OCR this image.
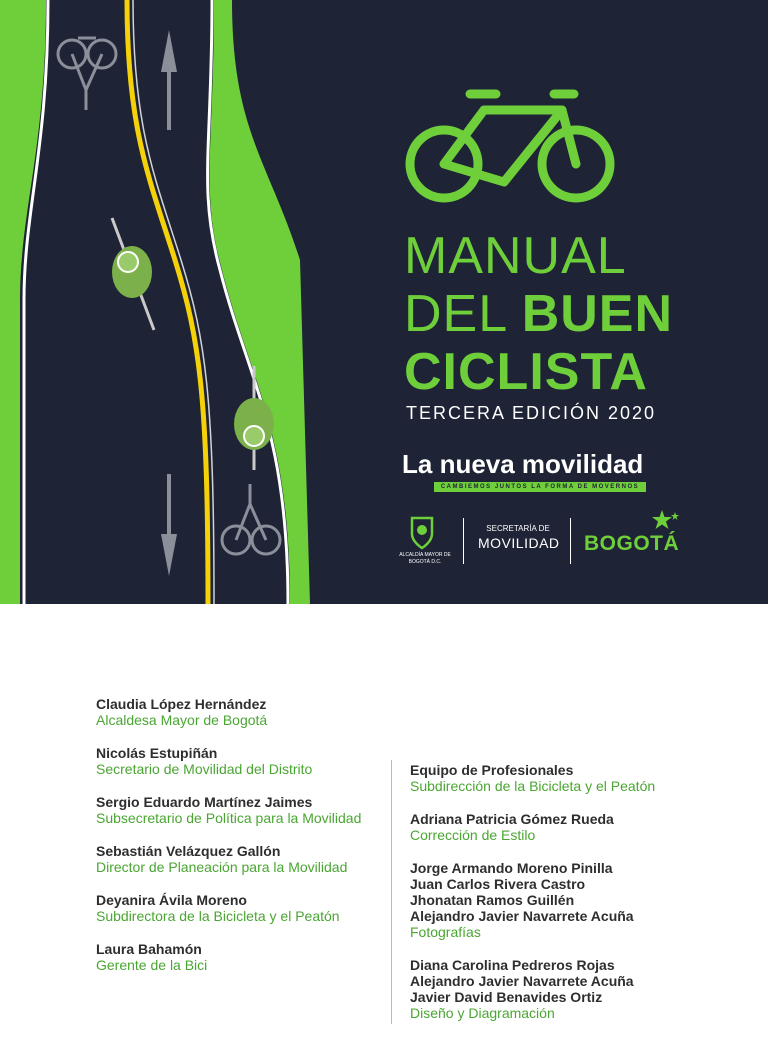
MANUAL
DEL BUEN
CICLISTA
TERCERA EDICIÓN 2020
La nueva movilidad
CAMBIEMOS JUNTOS LA FORMA DE MOVERNOS
ALCALDÍA MAYOR DE BOGOTÁ D.C.
SECRETARÍA DE
MOVILIDAD BOGOTÁ
Claudia López Hernández
Alcaldesa Mayor de Bogotá
Nicolás Estupiñán
Secretario de Movilidad del Distrito
Sergio Eduardo Martínez Jaimes
Subsecretario de Política para la Movilidad
Sebastián Velázquez Gallón
Director de Planeación para la Movilidad
Deyanira Ávila Moreno
Subdirectora de la Bicicleta y el Peatón
Laura Bahamón
Gerente de la Bici
Equipo de Profesionales
Subdirección de la Bicicleta y el Peatón
Adriana Patricia Gómez Rueda
Corrección de Estilo
Jorge Armando Moreno Pinilla
Juan Carlos Rivera Castro
Jhonatan Ramos Guillén
Alejandro Javier Navarrete Acuña
Fotografías
Diana Carolina Pedreros Rojas
Alejandro Javier Navarrete Acuña
Javier David Benavides Ortiz
Diseño y Diagramación
